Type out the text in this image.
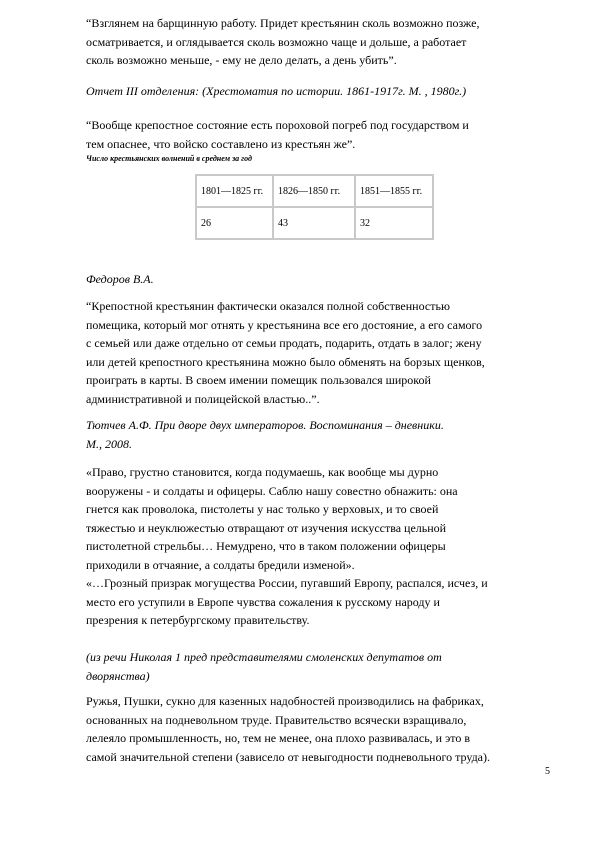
“Взглянем на барщинную работу. Придет крестьянин сколь возможно позже,
осматривается, и оглядывается сколь возможно чаще и дольше, а работает
сколь возможно меньше, - ему не дело делать, а день убить”.

Отчет III отделения: (Хрестоматия по истории. 1861-1917г. М. , 1980г.)

“Вообще крепостное состояние есть пороховой погреб под государством и
тем опаснее, что войско составлено из крестьян же”.

Число крестьянских волнений в среднем за год

1801—1825 гг.	1826—1850 гг.	1851—1855 гг.
26	43	32

Федоров В.А.

“Крепостной крестьянин фактически оказался полной собственностью
помещика, который мог отнять у крестьянина все его достояние, а его самого
с семьей или даже отдельно от семьи продать, подарить, отдать в залог; жену
или детей крепостного крестьянина можно было обменять на борзых щенков,
проиграть в карты. В своем имении помещик пользовался широкой
административной и полицейской властью..”.

Тютчев А.Ф. При дворе двух императоров. Воспоминания – дневники.
М., 2008.

«Право, грустно становится, когда подумаешь, как вообще мы дурно
вооружены - и солдаты и офицеры. Саблю нашу совестно обнажить: она
гнется как проволока, пистолеты у нас только у верховых, и то своей
тяжестью и неуклюжестью отвращают от изучения искусства цельной
пистолетной стрельбы… Немудрено, что в таком положении офицеры
приходили в отчаяние, а солдаты бредили изменой».
«…Грозный призрак могущества России, пугавший Европу, распался, исчез, и
место его уступили в Европе чувства сожаления к русскому народу и
презрения к петербургскому правительству.

(из речи Николая 1 пред представителями смоленских депутатов от
дворянства)

Ружья, Пушки, сукно для казенных надобностей производились на фабриках,
основанных на подневольном труде. Правительство всячески взращивало,
лелеяло промышленность, но, тем не менее, она плохо развивалась, и это в
самой значительной степени (зависело от невыгодности подневольного труда).

5
